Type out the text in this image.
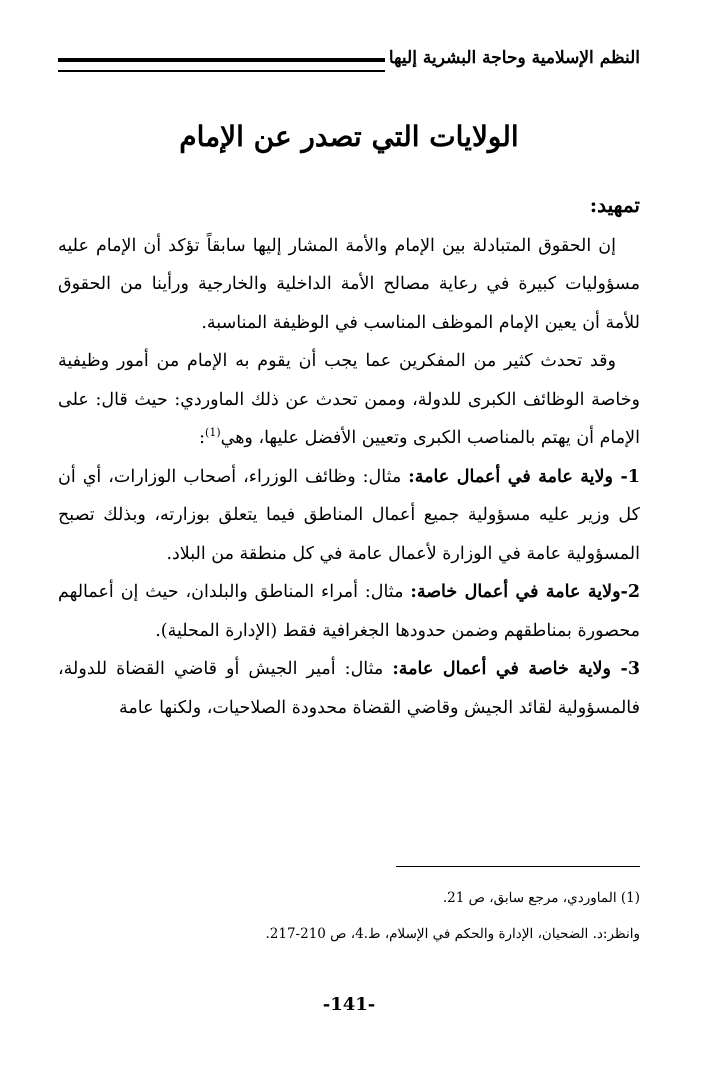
النظم الإسلامية وحاجة البشرية إليها
الولايات التي تصدر عن الإمام

تمهيد:

إن الحقوق المتبادلة بين الإمام والأمة المشار إليها سابقاً تؤكد أن الإمام عليه مسؤوليات كبيرة في رعاية مصالح الأمة الداخلية والخارجية ورأينا من الحقوق للأمة أن يعين الإمام الموظف المناسب في الوظيفة المناسبة.

وقد تحدث كثير من المفكرين عما يجب أن يقوم به الإمام من أمور وظيفية وخاصة الوظائف الكبرى للدولة، وممن تحدث عن ذلك الماوردي: حيث قال: على الإمام أن يهتم بالمناصب الكبرى وتعيين الأفضل عليها، وهي$^{(1)}$:

1- ولاية عامة في أعمال عامة: مثال: وظائف الوزراء، أصحاب الوزارات، أي أن كل وزير عليه مسؤولية جميع أعمال المناطق فيما يتعلق بوزارته، وبذلك تصبح المسؤولية عامة في الوزارة لأعمال عامة في كل منطقة من البلاد.

2-ولاية عامة في أعمال خاصة: مثال: أمراء المناطق والبلدان، حيث إن أعمالهم محصورة بمناطقهم وضمن حدودها الجغرافية فقط (الإدارة المحلية).

3- ولاية خاصة في أعمال عامة: مثال: أمير الجيش أو قاضي القضاة للدولة، فالمسؤولية لقائد الجيش وقاضي القضاة محدودة الصلاحيات، ولكنها عامة

(1) الماوردي، مرجع سابق، ص 21.

وانظر:د. الضحيان، الإدارة والحكم في الإسلام، ط.4، ص 210-217.

-141-
